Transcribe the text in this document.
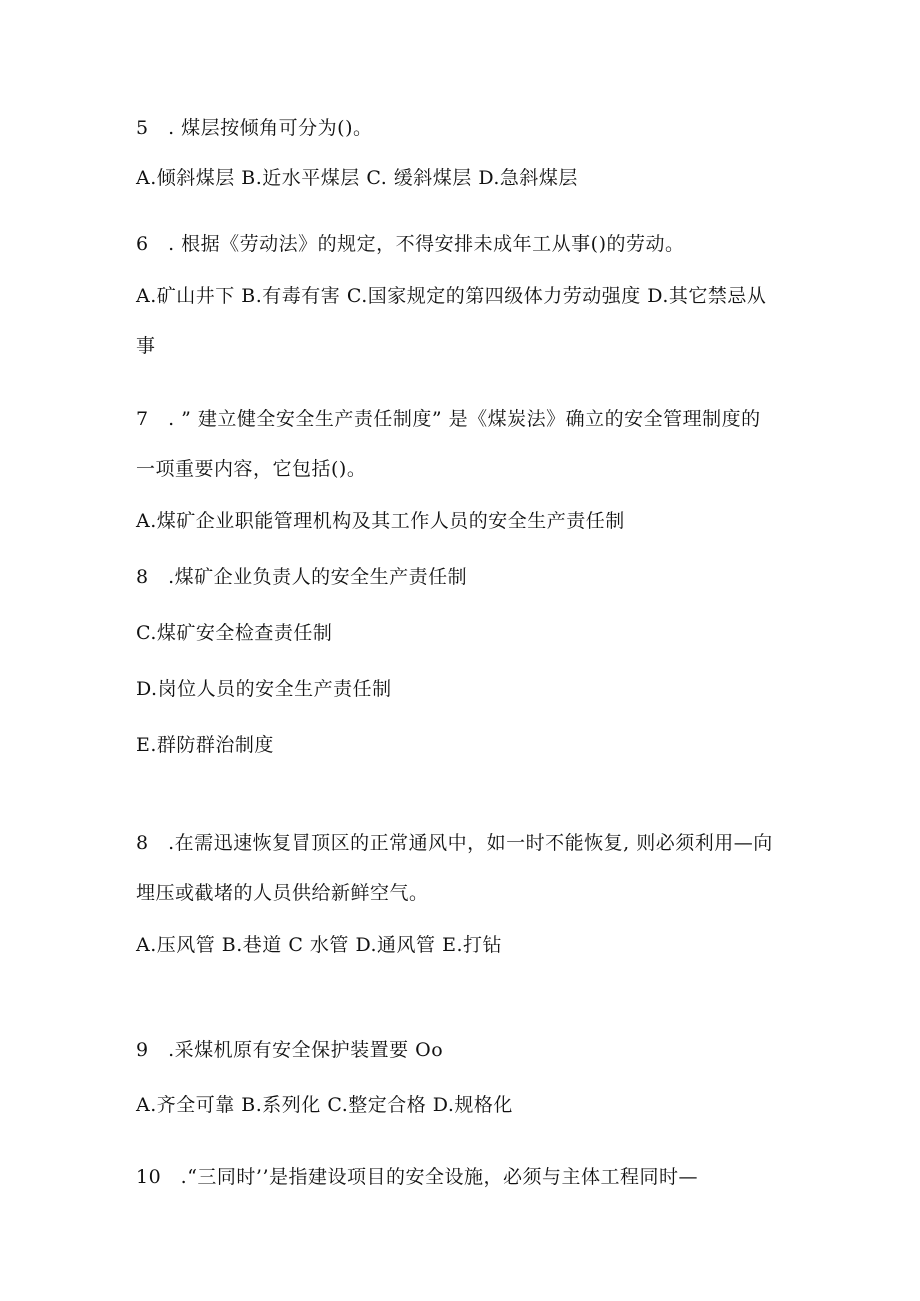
5　. 煤层按倾角可分为()。
A.倾斜煤层 B.近水平煤层 C. 缓斜煤层 D.急斜煤层
6　. 根据《劳动法》的规定，不得安排未成年工从事()的劳动。
A.矿山井下 B.有毒有害 C.国家规定的第四级体力劳动强度 D.其它禁忌从
事
7　. ” 建立健全安全生产责任制度” 是《煤炭法》确立的安全管理制度的
一项重要内容，它包括()。
A.煤矿企业职能管理机构及其工作人员的安全生产责任制
8　.煤矿企业负责人的安全生产责任制
C.煤矿安全检查责任制
D.岗位人员的安全生产责任制
E.群防群治制度
8　.在需迅速恢复冒顶区的正常通风中，如一时不能恢复, 则必须利用—向
埋压或截堵的人员供给新鲜空气。
A.压风管 B.巷道 C 水管 D.通风管 E.打钻
9　.采煤机原有安全保护装置要 Oo
A.齐全可靠 B.系列化 C.整定合格 D.规格化
10　.“三同时’’是指建设项目的安全设施，必须与主体工程同时—
